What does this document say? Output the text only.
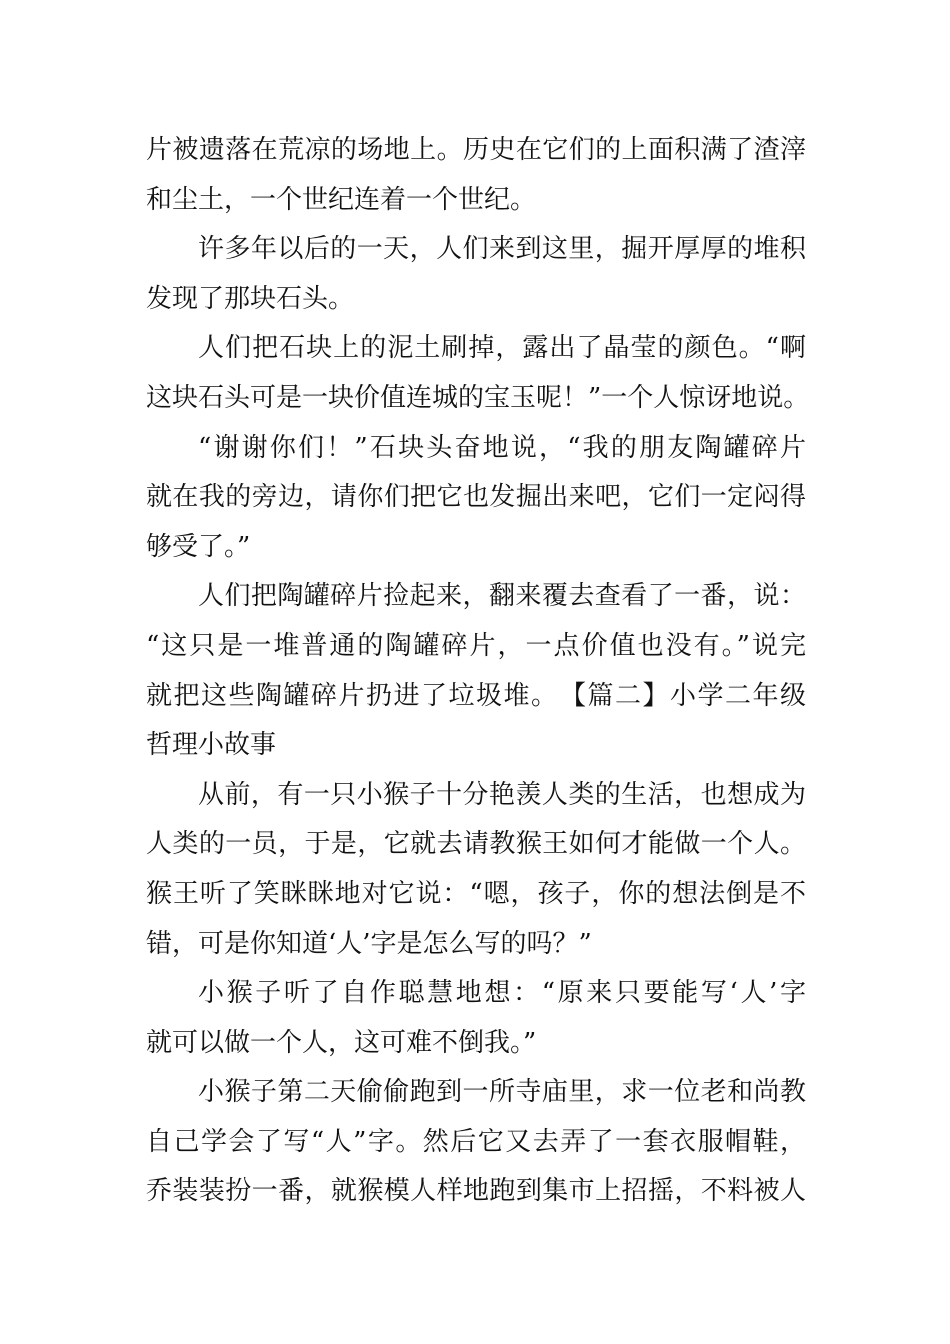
片被遗落在荒凉的场地上。历史在它们的上面积满了渣滓
和尘土，一个世纪连着一个世纪。

许多年以后的一天，人们来到这里，掘开厚厚的堆积
发现了那块石头。

人们把石块上的泥土刷掉，露出了晶莹的颜色。“啊
这块石头可是一块价值连城的宝玉呢！”一个人惊讶地说。

“谢谢你们！”石块头奋地说，“我的朋友陶罐碎片
就在我的旁边，请你们把它也发掘出来吧，它们一定闷得
够受了。”

人们把陶罐碎片捡起来，翻来覆去查看了一番，说：
“这只是一堆普通的陶罐碎片，一点价值也没有。”说完
就把这些陶罐碎片扔进了垃圾堆。　【篇二】小学二年级
哲理小故事

从前，有一只小猴子十分艳羡人类的生活，也想成为
人类的一员，于是，它就去请教猴王如何才能做一个人。
猴王听了笑眯眯地对它说：“嗯，孩子，你的想法倒是不
错，可是你知道‘人’字是怎么写的吗？”

小猴子听了自作聪慧地想：“原来只要能写‘人’字
就可以做一个人，这可难不倒我。”

小猴子第二天偷偷跑到一所寺庙里，求一位老和尚教
自己学会了写“人”字。然后它又去弄了一套衣服帽鞋，
乔装装扮一番，就猴模人样地跑到集市上招摇，不料被人
